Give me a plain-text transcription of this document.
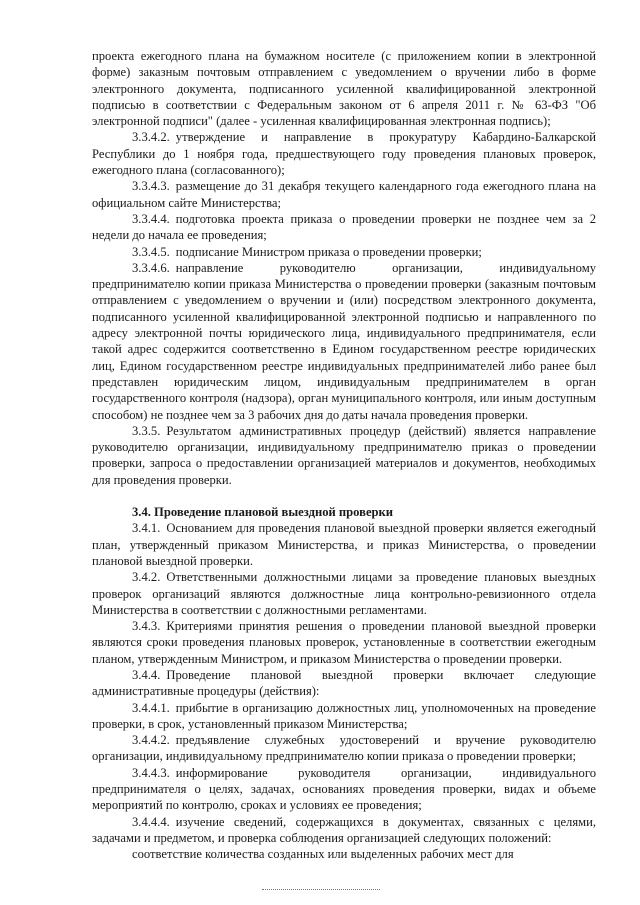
проекта ежегодного плана на бумажном носителе (с приложением копии в электронной форме) заказным почтовым отправлением с уведомлением о вручении либо в форме электронного документа, подписанного усиленной квалифицированной электронной подписью в соответствии с Федеральным законом от 6 апреля 2011 г. № 63-ФЗ "Об электронной подписи" (далее - усиленная квалифицированная электронная подпись);

3.3.4.2. утверждение и направление в прокуратуру Кабардино-Балкарской Республики до 1 ноября года, предшествующего году проведения плановых проверок, ежегодного плана (согласованного);

3.3.4.3. размещение до 31 декабря текущего календарного года ежегодного плана на официальном сайте Министерства;

3.3.4.4. подготовка проекта приказа о проведении проверки не позднее чем за 2 недели до начала ее проведения;

3.3.4.5. подписание Министром приказа о проведении проверки;

3.3.4.6. направление руководителю организации, индивидуальному предпринимателю копии приказа Министерства о проведении проверки (заказным почтовым отправлением с уведомлением о вручении и (или) посредством электронного документа, подписанного усиленной квалифицированной электронной подписью и направленного по адресу электронной почты юридического лица, индивидуального предпринимателя, если такой адрес содержится соответственно в Едином государственном реестре юридических лиц, Едином государственном реестре индивидуальных предпринимателей либо ранее был представлен юридическим лицом, индивидуальным предпринимателем в орган государственного контроля (надзора), орган муниципального контроля, или иным доступным способом) не позднее чем за 3 рабочих дня до даты начала проведения проверки.

3.3.5. Результатом административных процедур (действий) является направление руководителю организации, индивидуальному предпринимателю приказ о проведении проверки, запроса о предоставлении организацией материалов и документов, необходимых для проведения проверки.

3.4. Проведение плановой выездной проверки

3.4.1. Основанием для проведения плановой выездной проверки является ежегодный план, утвержденный приказом Министерства, и приказ Министерства, о проведении плановой выездной проверки.

3.4.2. Ответственными должностными лицами за проведение плановых выездных проверок организаций являются должностные лица контрольно-ревизионного отдела Министерства в соответствии с должностными регламентами.

3.4.3. Критериями принятия решения о проведении плановой выездной проверки являются сроки проведения плановых проверок, установленные в соответствии ежегодным планом, утвержденным Министром, и приказом Министерства о проведении проверки.

3.4.4. Проведение плановой выездной проверки включает следующие административные процедуры (действия):

3.4.4.1. прибытие в организацию должностных лиц, уполномоченных на проведение проверки, в срок, установленный приказом Министерства;

3.4.4.2. предъявление служебных удостоверений и вручение руководителю организации, индивидуальному предпринимателю копии приказа о проведении проверки;

3.4.4.3. информирование руководителя организации, индивидуального предпринимателя о целях, задачах, основаниях проведения проверки, видах и объеме мероприятий по контролю, сроках и условиях ее проведения;

3.4.4.4. изучение сведений, содержащихся в документах, связанных с целями, задачами и предметом, и проверка соблюдения организацией следующих положений:

соответствие количества созданных или выделенных рабочих мест для
